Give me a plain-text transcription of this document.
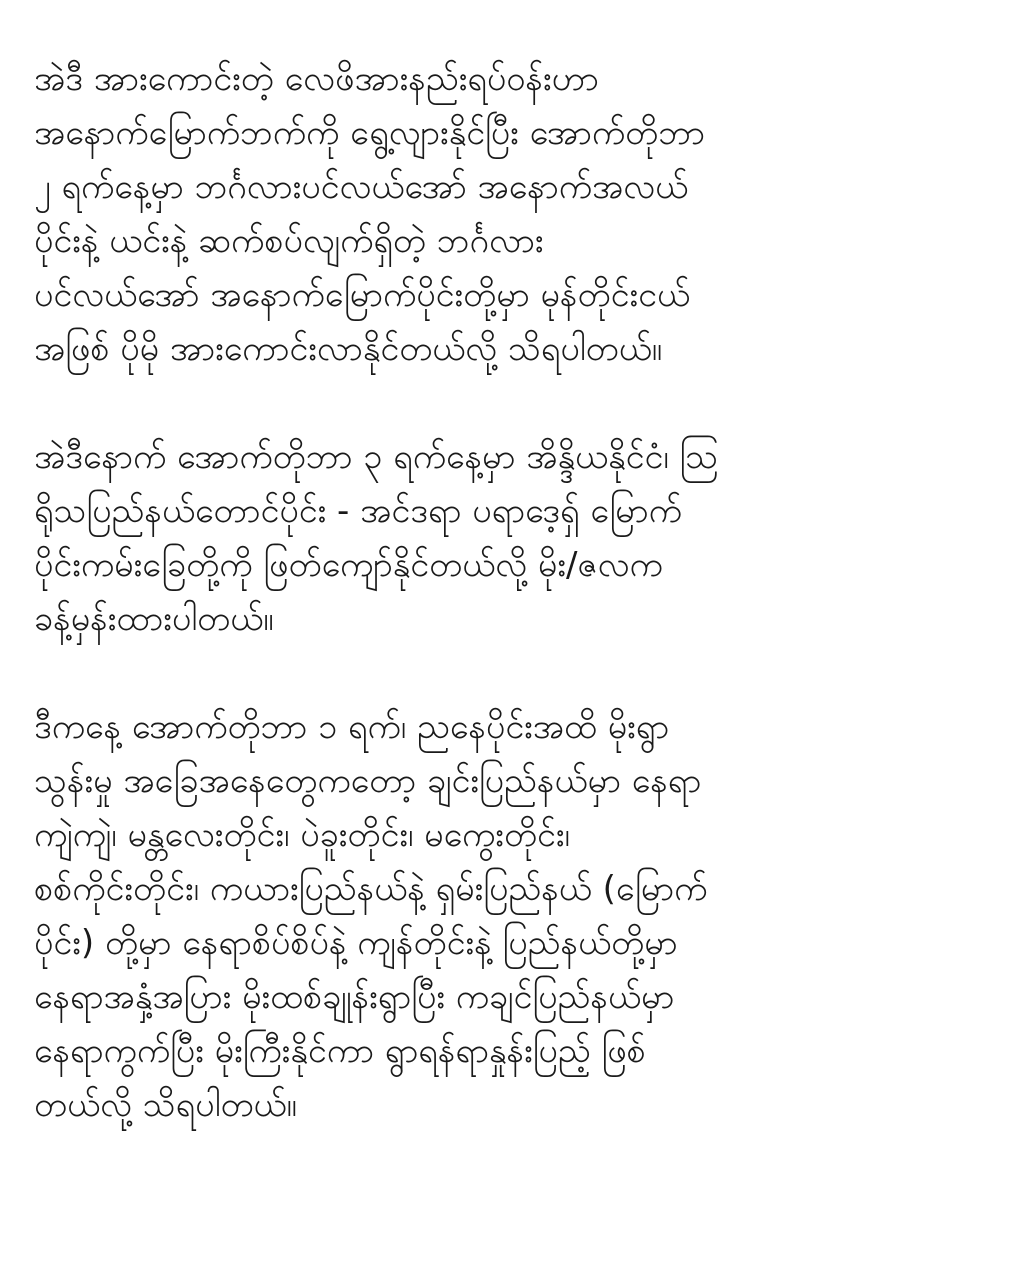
အဲဒီ အားကောင်းတဲ့ လေဖိအားနည်းရပ်ဝန်းဟာ
အနောက်မြောက်ဘက်ကို ရွေ့လျားနိုင်ပြီး အောက်တိုဘာ
၂ ရက်နေ့မှာ ဘင်္ဂလားပင်လယ်အော် အနောက်အလယ်
ပိုင်းနဲ့ ယင်းနဲ့ ဆက်စပ်လျက်ရှိတဲ့ ဘင်္ဂလား
ပင်လယ်အော် အနောက်မြောက်ပိုင်းတို့မှာ မုန်တိုင်းငယ်
အဖြစ် ပိုမို အားကောင်းလာနိုင်တယ်လို့ သိရပါတယ်။
အဲဒီနောက် အောက်တိုဘာ ၃ ရက်နေ့မှာ အိန္ဒိယနိုင်ငံ၊ သြ
ရိုသပြည်နယ်တောင်ပိုင်း - အင်ဒရာ ပရာဒေ့ရှ် မြောက်
ပိုင်းကမ်းခြေတို့ကို ဖြတ်ကျော်နိုင်တယ်လို့ မိုး/ဇလက
ခန့်မှန်းထားပါတယ်။
ဒီကနေ့ အောက်တိုဘာ ၁ ရက်၊ ညနေပိုင်းအထိ မိုးရွာ
သွန်းမှု အခြေအနေတွေကတော့ ချင်းပြည်နယ်မှာ နေရာ
ကျဲကျဲ၊ မန္တလေးတိုင်း၊ ပဲခူးတိုင်း၊ မကွေးတိုင်း၊
စစ်ကိုင်းတိုင်း၊ ကယားပြည်နယ်နဲ့ ရှမ်းပြည်နယ် (မြောက်
ပိုင်း) တို့မှာ နေရာစိပ်စိပ်နဲ့ ကျန်တိုင်းနဲ့ ပြည်နယ်တို့မှာ
နေရာအနှံ့အပြား မိုးထစ်ချုန်းရွာပြီး ကချင်ပြည်နယ်မှာ
နေရာကွက်ပြီး မိုးကြီးနိုင်ကာ ရွာရန်ရာနှုန်းပြည့် ဖြစ်
တယ်လို့ သိရပါတယ်။
